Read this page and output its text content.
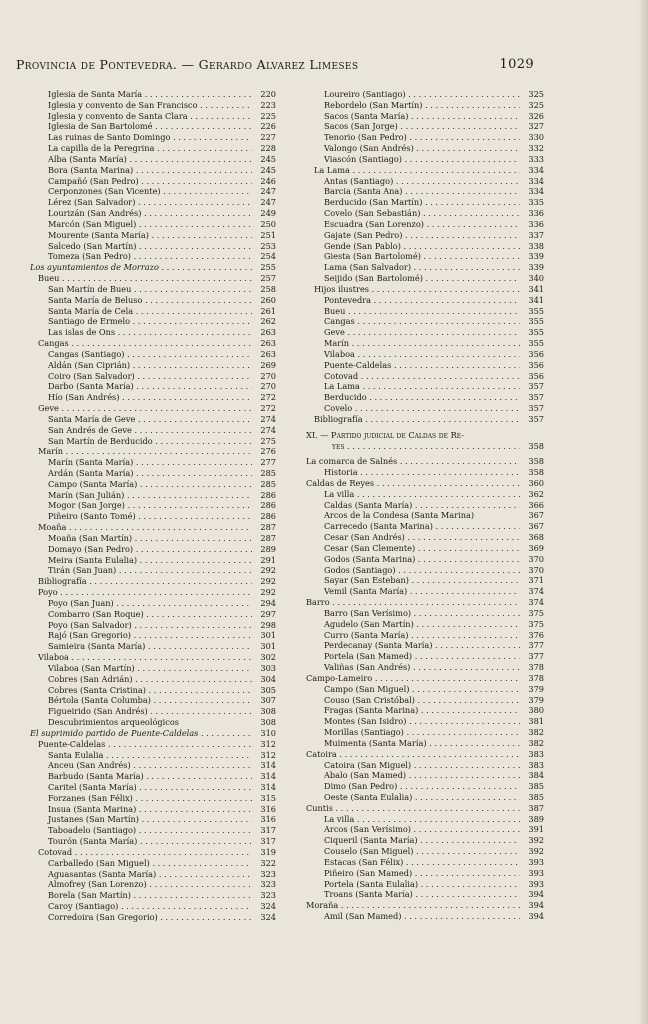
Provincia de Pontevedra. — Gerardo Alvarez Limeses	1029
Iglesia de Santa María . . .	220
Iglesia y convento de San Francisco . . .	223
Iglesia y convento de Santa Clara . . .	225
Iglesia de San Bartolomé . . .	226
Las ruinas de Santo Domingo . . .	227
La capilla de la Peregrina . . .	228
Alba (Santa María) . . .	245
Bora (Santa Marina) . . .	245
Campañó (San Pedro) . . .	246
Cerponzones (San Vicente) . . .	247
Lérez (San Salvador) . . .	247
Lourizán (San Andrés) . . .	249
Marcón (San Miguel) . . .	250
Mourente (Santa María) . . .	251
Salcedo (San Martín) . . .	253
Tomeza (San Pedro) . . .	254
Los ayuntamientos de Morrazo . . .	255
Bueu . . .	257
San Martín de Bueu . . .	258
Santa María de Beluso . . .	260
Santa María de Cela . . .	261
Santiago de Ermelo . . .	262
Las islas de Ons . . .	263
Cangas . . .	263
Cangas (Santiago) . . .	263
Aldán (San Ciprián) . . .	269
Coiro (San Salvador) . . .	270
Darbo (Santa María) . . .	270
Hío (San Andrés) . . .	272
Geve . . .	272
Santa María de Geve . . .	274
San Andrés de Geve . . .	274
San Martín de Berducido . . .	275
Marín . . .	276
Marín (Santa María) . . .	277
Ardán (Santa María) . . .	285
Campo (Santa María) . . .	285
Marín (San Julián) . . .	286
Mogor (San Jorge) . . .	286
Piñeiro (Santo Tomé) . . .	286
Moaña . . .	287
Moaña (San Martín) . . .	287
Domayo (San Pedro) . . .	289
Meira (Santa Eulalia) . . .	291
Tirán (San Juan) . . .	292
Bibliografía . . .	292
Poyo . . .	292
Poyo (San Juan) . . .	294
Combarro (San Roque) . . .	297
Poyo (San Salvador) . . .	298
Rajó (San Gregorio) . . .	301
Samieira (Santa María) . . .	301
Vilaboa . . .	302
Vilaboa (San Martín) . . .	303
Cobres (San Adrián) . . .	304
Cobres (Santa Cristina) . . .	305
Bértola (Santa Columba) . . .	307
Figueirido (San Andrés) . . .	308
Descubrimientos arqueológicos	308
El suprimido partido de Puente-Caldelas . . .	310
Puente-Caldelas . . .	312
Santa Eulalia . . .	312
Anceu (San Andrés) . . .	314
Barbudo (Santa María) . . .	314
Caritel (Santa María) . . .	314
Forzanes (San Félix) . . .	315
Insua (Santa Marina) . . .	316
Justanes (San Martín) . . .	316
Taboadelo (Santiago) . . .	317
Tourón (Santa María) . . .	317
Cotovad . . .	319
Carballedo (San Miguel) . . .	322
Aguasantas (Santa María) . . .	323
Almofrey (San Lorenzo) . . .	323
Borela (San Martín) . . .	323
Caroy (Santiago) . . .	324
Corredoira (San Gregorio) . . .	324
Loureiro (Santiago) . . .	325
Rebordelo (San Martín) . . .	325
Sacos (Santa María) . . .	326
Sacos (San Jorge) . . .	327
Tenorio (San Pedro) . . .	330
Valongo (San Andrés) . . .	332
Viascón (Santiago) . . .	333
La Lama . . .	334
Antas (Santiago) . . .	334
Barcia (Santa Ana) . . .	334
Berducido (San Martín) . . .	335
Covelo (San Sebastián) . . .	336
Escuadra (San Lorenzo) . . .	336
Gajate (San Pedro) . . .	337
Gende (San Pablo) . . .	338
Giesta (San Bartolomé) . . .	339
Lama (San Salvador) . . .	339
Seijido (San Bartolomé) . . .	340
Hijos ilustres . . .	341
Pontevedra . . .	341
Bueu . . .	355
Cangas . . .	355
Geve . . .	355
Marín . . .	355
Vilaboa . . .	356
Puente-Caldelas . . .	356
Cotovad . . .	356
La Lama . . .	357
Berducido . . .	357
Covelo . . .	357
Bibliografía . . .	357
XI. — Partido judicial de Caldas de Re-
yes . . .	358
La comarca de Salnés . . .	358
Historia . . .	358
Caldas de Reyes . . .	360
La villa . . .	362
Caldas (Santa María) . . .	366
Arcos de la Condesa (Santa Marina)	367
Carrecedo (Santa Marina) . . .	367
Cesar (San Andrés) . . .	368
Cesar (San Clemente) . . .	369
Godos (Santa Marina) . . .	370
Godos (Santiago) . . .	370
Sayar (San Esteban) . . .	371
Vemil (Santa María) . . .	374
Barro . . .	374
Barro (San Verísimo) . . .	375
Agudelo (San Martín) . . .	375
Curro (Santa María) . . .	376
Perdecanay (Santa María) . . .	377
Portela (San Mamed) . . .	377
Valiñas (San Andrés) . . .	378
Campo-Lameiro . . .	378
Campo (San Miguel) . . .	379
Couso (San Cristóbal) . . .	379
Fragas (Santa Marina) . . .	380
Montes (San Isidro) . . .	381
Morillas (Santiago) . . .	382
Muimenta (Santa María) . . .	382
Catoira . . .	383
Catoira (San Miguel) . . .	383
Abalo (San Mamed) . . .	384
Dimo (San Pedro) . . .	385
Oeste (Santa Eulalia) . . .	385
Cuntis . . .	387
La villa . . .	389
Arcos (San Verísimo) . . .	391
Ciqueril (Santa María) . . .	392
Couselo (San Miguel) . . .	392
Estacas (San Félix) . . .	393
Piñeiro (San Mamed) . . .	393
Portela (Santa Eulalia) . . .	393
Troans (Santa María) . . .	394
Moraña . . .	394
Amil (San Mamed) . . .	394
